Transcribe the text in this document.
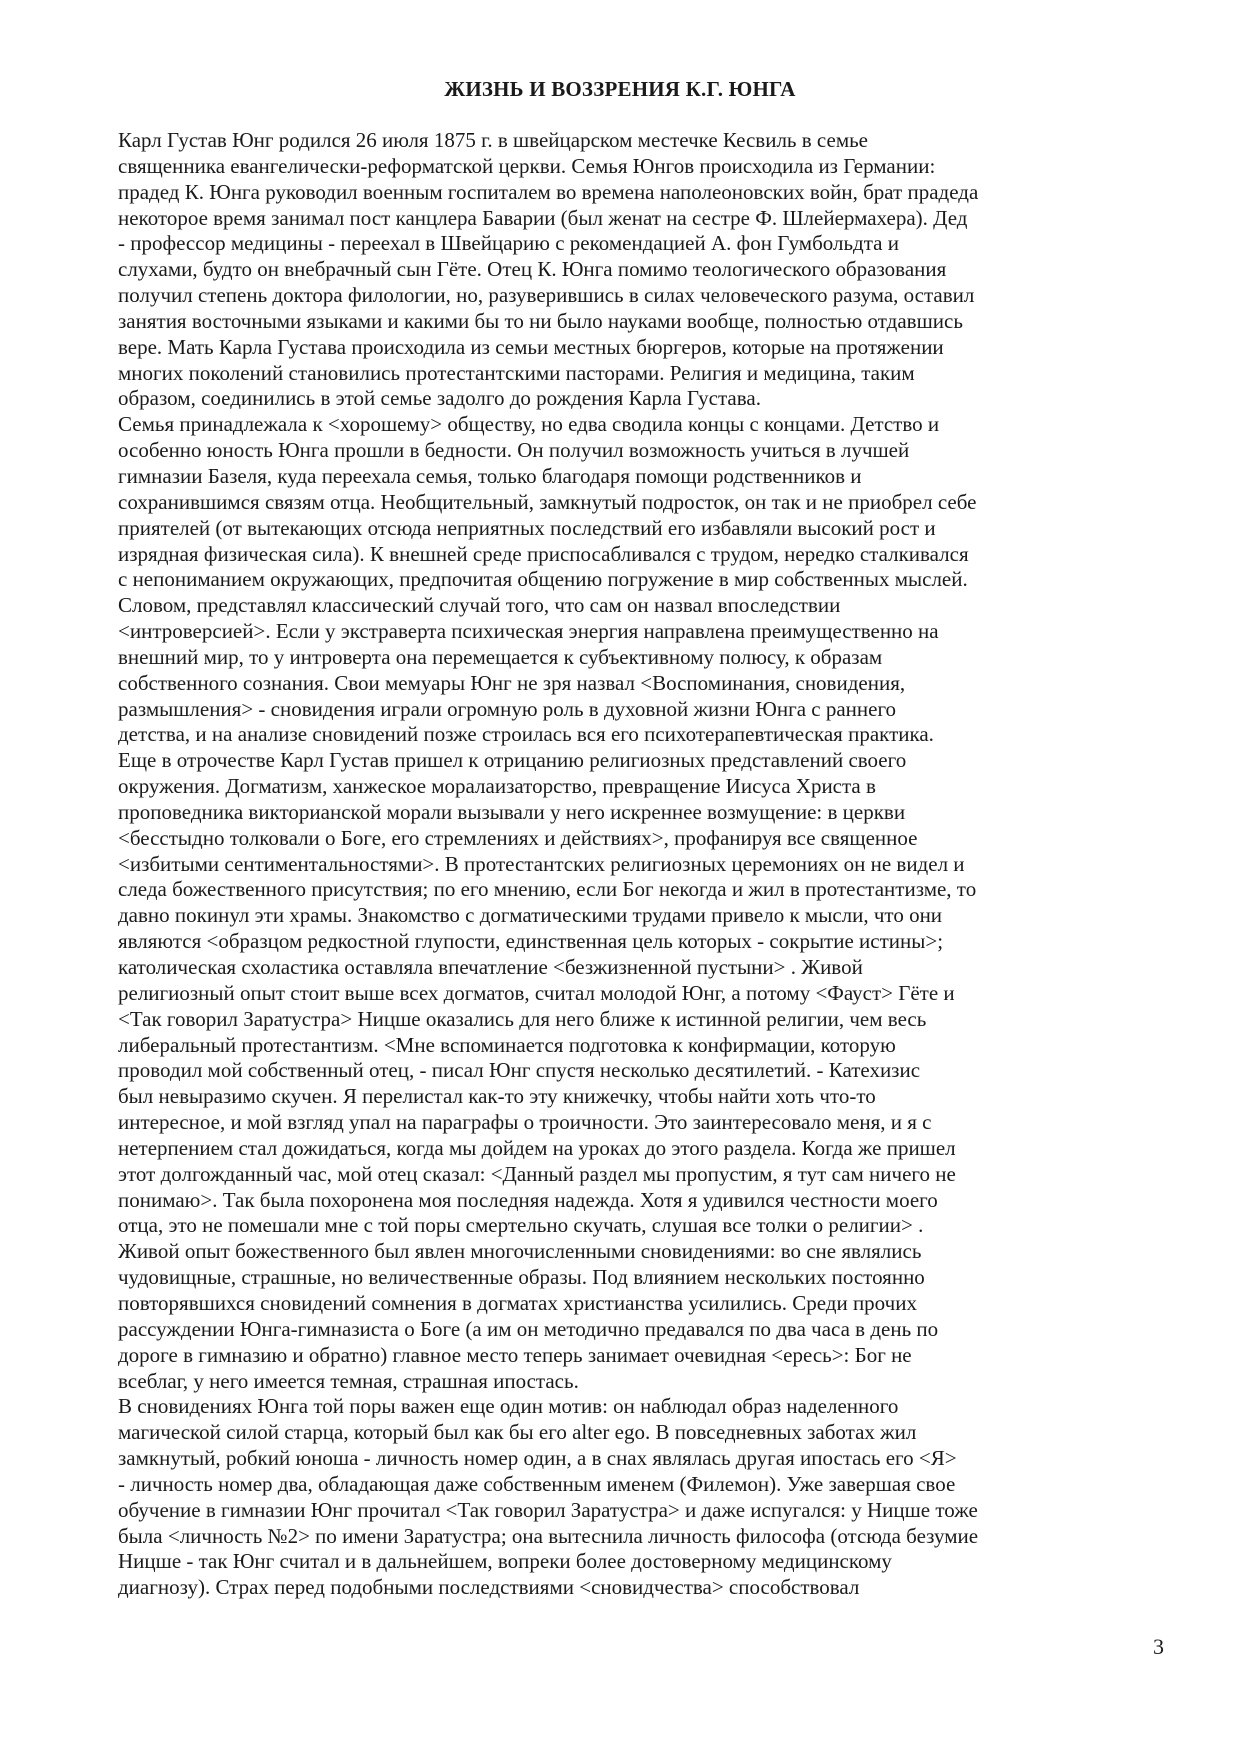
ЖИЗНЬ И ВОЗЗРЕНИЯ К.Г. ЮНГА
Карл Густав Юнг родился 26 июля 1875 г. в швейцарском местечке Кесвиль в семье
священника евангелически-реформатской церкви. Семья Юнгов происходила из Германии:
прадед К. Юнга руководил военным госпиталем во времена наполеоновских войн, брат прадеда
некоторое время занимал пост канцлера Баварии (был женат на сестре Ф. Шлейермахера). Дед
- профессор медицины - переехал в Швейцарию с рекомендацией А. фон Гумбольдта и
слухами, будто он внебрачный сын Гёте. Отец К. Юнга помимо теологического образования
получил степень доктора филологии, но, разуверившись в силах человеческого разума, оставил
занятия восточными языками и какими бы то ни было науками вообще, полностью отдавшись
вере. Мать Карла Густава происходила из семьи местных бюргеров, которые на протяжении
многих поколений становились протестантскими пасторами. Религия и медицина, таким
образом, соединились в этой семье задолго до рождения Карла Густава.
Семья принадлежала к <хорошему> обществу, но едва сводила концы с концами. Детство и
особенно юность Юнга прошли в бедности. Он получил возможность учиться в лучшей
гимназии Базеля, куда переехала семья, только благодаря помощи родственников и
сохранившимся связям отца. Необщительный, замкнутый подросток, он так и не приобрел себе
приятелей (от вытекающих отсюда неприятных последствий его избавляли высокий рост и
изрядная физическая сила). К внешней среде приспосабливался с трудом, нередко сталкивался
с непониманием окружающих, предпочитая общению погружение в мир собственных мыслей.
Словом, представлял классический случай того, что сам он назвал впоследствии
<интроверсией>. Если у экстраверта психическая энергия направлена преимущественно на
внешний мир, то у интроверта она перемещается к субъективному полюсу, к образам
собственного сознания. Свои мемуары Юнг не зря назвал <Воспоминания, сновидения,
размышления> - сновидения играли огромную роль в духовной жизни Юнга с раннего
детства, и на анализе сновидений позже строилась вся его психотерапевтическая практика.
Еще в отрочестве Карл Густав пришел к отрицанию религиозных представлений своего
окружения. Догматизм, ханжеское моралаизаторство, превращение Иисуса Христа в
проповедника викторианской морали вызывали у него искреннее возмущение: в церкви
<бесстыдно толковали о Боге, его стремлениях и действиях>, профанируя все священное
<избитыми сентиментальностями>. В протестантских религиозных церемониях он не видел и
следа божественного присутствия; по его мнению, если Бог некогда и жил в протестантизме, то
давно покинул эти храмы. Знакомство с догматическими трудами привело к мысли, что они
являются <образцом редкостной глупости, единственная цель которых - сокрытие истины>;
католическая схоластика оставляла впечатление <безжизненной пустыни> . Живой
религиозный опыт стоит выше всех догматов, считал молодой Юнг, а потому <Фауст> Гёте и
<Так говорил Заратустра> Ницше оказались для него ближе к истинной религии, чем весь
либеральный протестантизм. <Мне вспоминается подготовка к конфирмации, которую
проводил мой собственный отец, - писал Юнг спустя несколько десятилетий. - Катехизис
был невыразимо скучен. Я перелистал как-то эту книжечку, чтобы найти хоть что-то
интересное, и мой взгляд упал на параграфы о троичности. Это заинтересовало меня, и я с
нетерпением стал дожидаться, когда мы дойдем на уроках до этого раздела. Когда же пришел
этот долгожданный час, мой отец сказал: <Данный раздел мы пропустим, я тут сам ничего не
понимаю>. Так была похоронена моя последняя надежда. Хотя я удивился честности моего
отца, это не помешали мне с той поры смертельно скучать, слушая все толки о религии> .
Живой опыт божественного был явлен многочисленными сновидениями: во сне являлись
чудовищные, страшные, но величественные образы. Под влиянием нескольких постоянно
повторявшихся сновидений сомнения в догматах христианства усилились. Среди прочих
рассуждении Юнга-гимназиста о Боге (а им он методично предавался по два часа в день по
дороге в гимназию и обратно) главное место теперь занимает очевидная <ересь>: Бог не
всеблаг, у него имеется темная, страшная ипостась.
В сновидениях Юнга той поры важен еще один мотив: он наблюдал образ наделенного
магической силой старца, который был как бы его alter ego. В повседневных заботах жил
замкнутый, робкий юноша - личность номер один, а в снах являлась другая ипостась его <Я>
- личность номер два, обладающая даже собственным именем (Филемон). Уже завершая свое
обучение в гимназии Юнг прочитал <Так говорил Заратустра> и даже испугался: у Ницше тоже
была <личность №2> по имени Заратустра; она вытеснила личность философа (отсюда безумие
Ницше - так Юнг считал и в дальнейшем, вопреки более достоверному медицинскому
диагнозу). Страх перед подобными последствиями <сновидчества> способствовал
3
